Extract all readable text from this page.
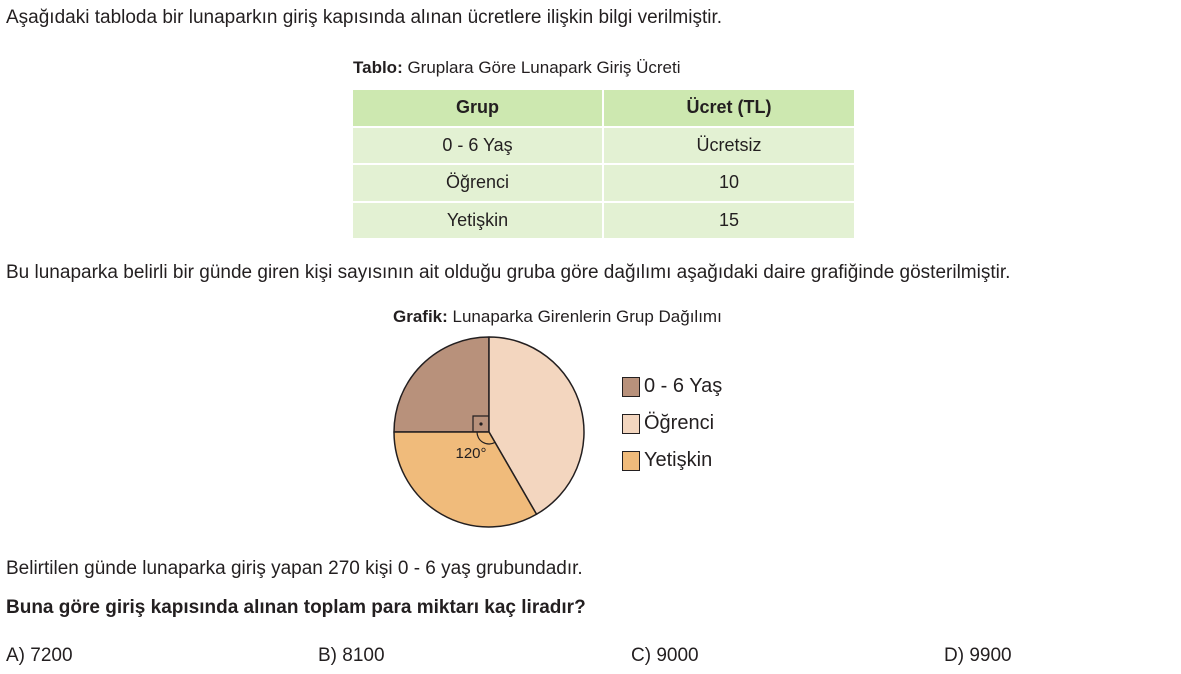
Aşağıdaki tabloda bir lunaparkın giriş kapısında alınan ücretlere ilişkin bilgi verilmiştir.
Tablo: Gruplara Göre Lunapark Giriş Ücreti
Grup	Ücret (TL)
0 - 6 Yaş	Ücretsiz
Öğrenci	10
Yetişkin	15
Bu lunaparka belirli bir günde giren kişi sayısının ait olduğu gruba göre dağılımı aşağıdaki daire grafiğinde gösterilmiştir.
Grafik: Lunaparka Girenlerin Grup Dağılımı
120°
0 - 6 Yaş
Öğrenci
Yetişkin
Belirtilen günde lunaparka giriş yapan 270 kişi 0 - 6 yaş grubundadır.
Buna göre giriş kapısında alınan toplam para miktarı kaç liradır?
A) 7200	B) 8100	C) 9000	D) 9900
